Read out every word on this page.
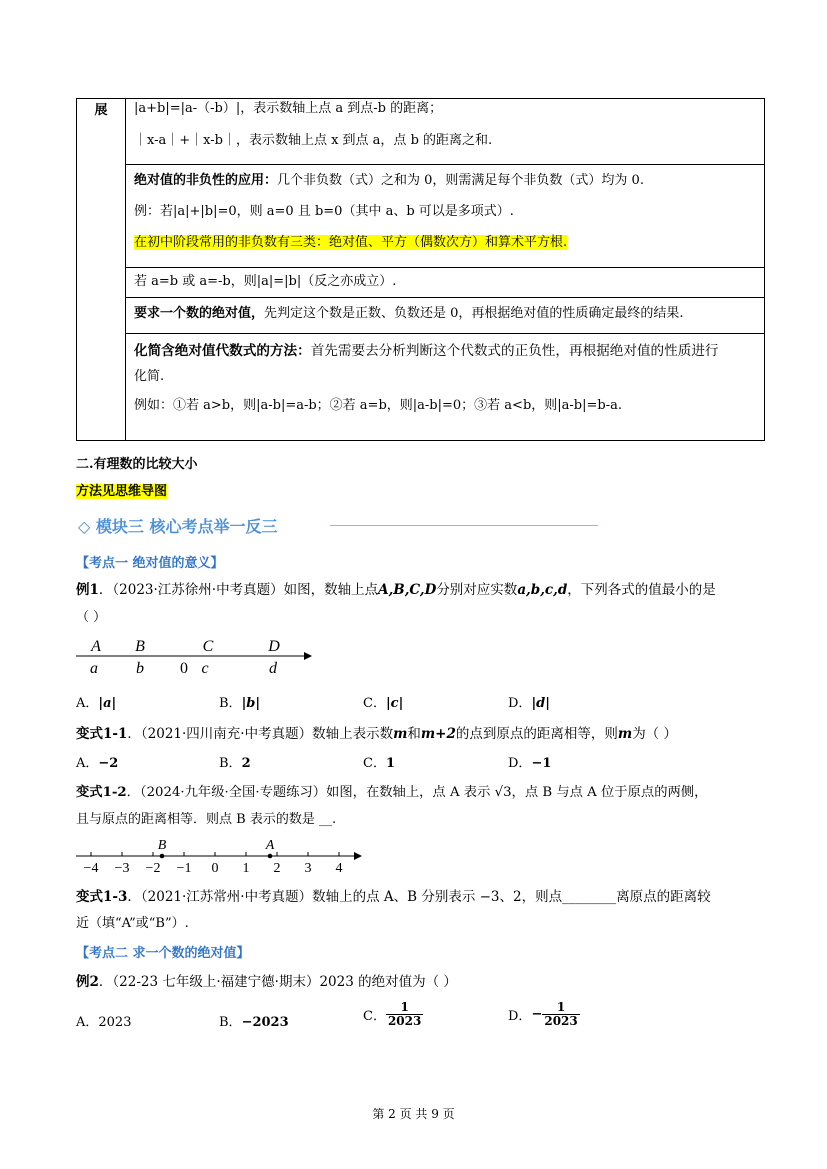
展	|a+b|=|a-（-b）|，表示数轴上点 a 到点-b 的距离；
｜x-a｜+｜x-b｜，表示数轴上点 x 到点 a，点 b 的距离之和.

绝对值的非负性的应用：几个非负数（式）之和为 0，则需满足每个非负数（式）均为 0.
例：若|a|+|b|=0，则 a=0 且 b=0（其中 a、b 可以是多项式）.
在初中阶段常用的非负数有三类：绝对值、平方（偶数次方）和算术平方根.

若 a=b 或 a=-b，则|a|=|b|（反之亦成立）.

要求一个数的绝对值，先判定这个数是正数、负数还是 0，再根据绝对值的性质确定最终的结果.

化简含绝对值代数式的方法：首先需要去分析判断这个代数式的正负性，再根据绝对值的性质进行
化简.
例如：①若 a>b，则|a-b|=a-b；②若 a=b，则|a-b|=0；③若 a<b，则|a-b|=b-a.
二.有理数的比较大小
方法见思维导图
◇ 模块三 核心考点举一反三
【考点一 绝对值的意义】
例1．（2023·江苏徐州·中考真题）如图，数轴上点A,B,C,D分别对应实数a,b,c,d，下列各式的值最小的是
（ ）
A B	C	D
a b 0 c	d
A．|a|	B．|b|	C．|c|	D．|d|
变式1-1．（2021·四川南充·中考真题）数轴上表示数m和m+2的点到原点的距离相等，则m为（ ）
A．−2	B．2	C．1	D．−1
变式1-2．（2024·九年级·全国·专题练习）如图，在数轴上，点 A 表示 √3，点 B 与点 A 位于原点的两侧，
且与原点的距离相等．则点 B 表示的数是 __.
−4 −3 −2 −1 0 1 2 3 4
B	A
变式1-3．（2021·江苏常州·中考真题）数轴上的点 A、B 分别表示 −3、2，则点________离原点的距离较
近（填“A”或“B”）.
【考点二 求一个数的绝对值】
例2．（22-23 七年级上·福建宁德·期末）2023 的绝对值为（ ）
A．2023	B．−2023	C． $\frac{1}{2023}$	D．− $\frac{1}{2023}$
第 2 页 共 9 页
